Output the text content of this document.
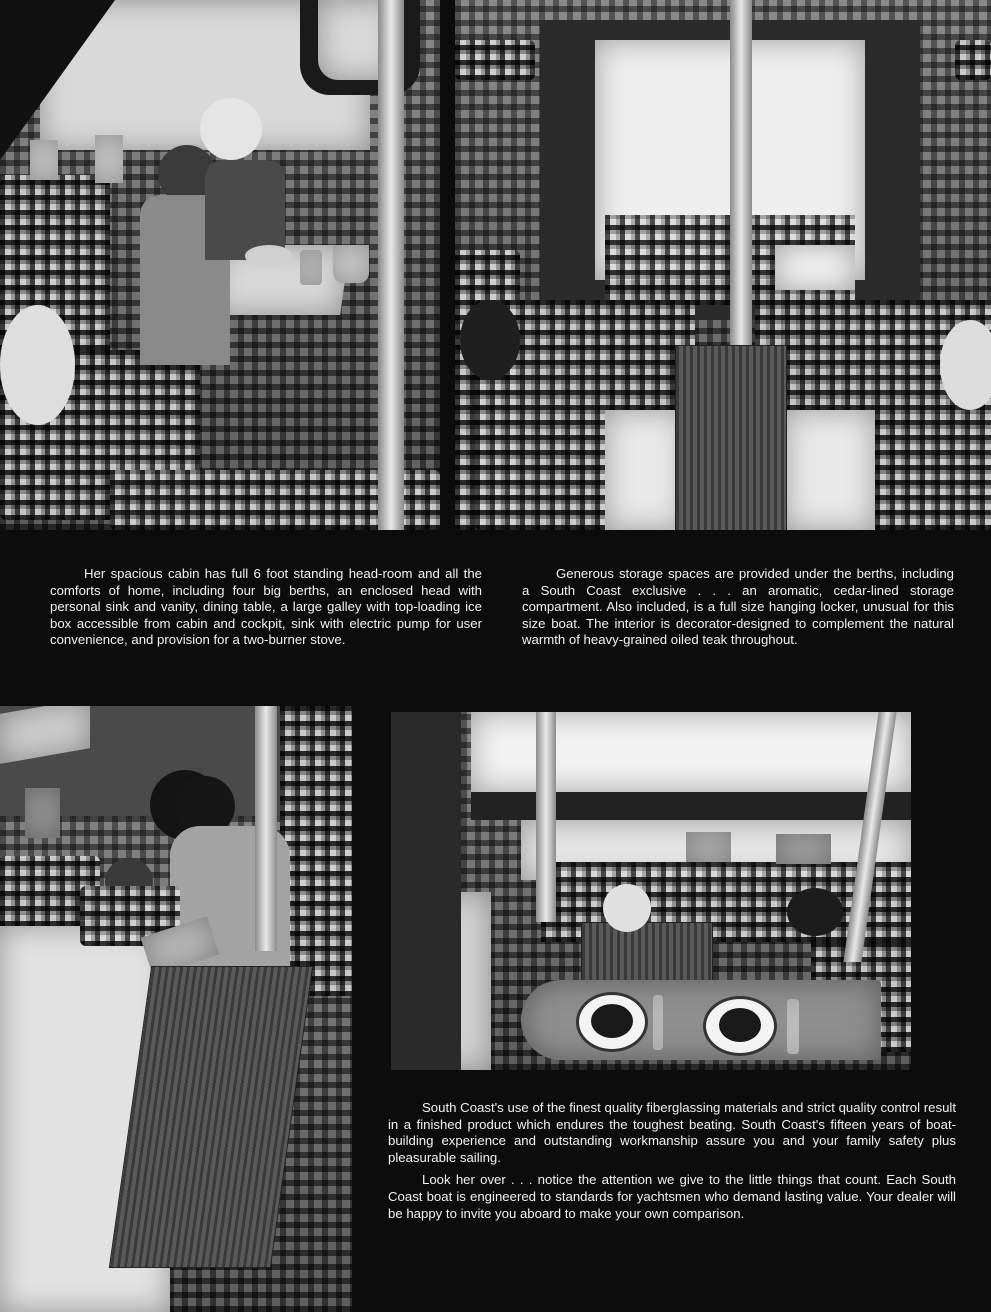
Her spacious cabin has full 6 foot standing head-room and all the comforts of home, including four big berths, an enclosed head with personal sink and vanity, dining table, a large galley with top-loading ice box accessible from cabin and cockpit, sink with electric pump for user convenience, and provision for a two-burner stove.

Generous storage spaces are provided under the berths, including a South Coast exclusive . . . an aromatic, cedar-lined storage compartment. Also included, is a full size hanging locker, unusual for this size boat. The interior is decorator-designed to complement the natural warmth of heavy-grained oiled teak throughout.

South Coast's use of the finest quality fiberglassing materials and strict quality control result in a finished product which endures the toughest beating. South Coast's fifteen years of boat-building experience and outstanding workmanship assure you and your family safety plus pleasurable sailing.

Look her over . . . notice the attention we give to the little things that count. Each South Coast boat is engineered to standards for yachtsmen who demand lasting value. Your dealer will be happy to invite you aboard to make your own comparison.
